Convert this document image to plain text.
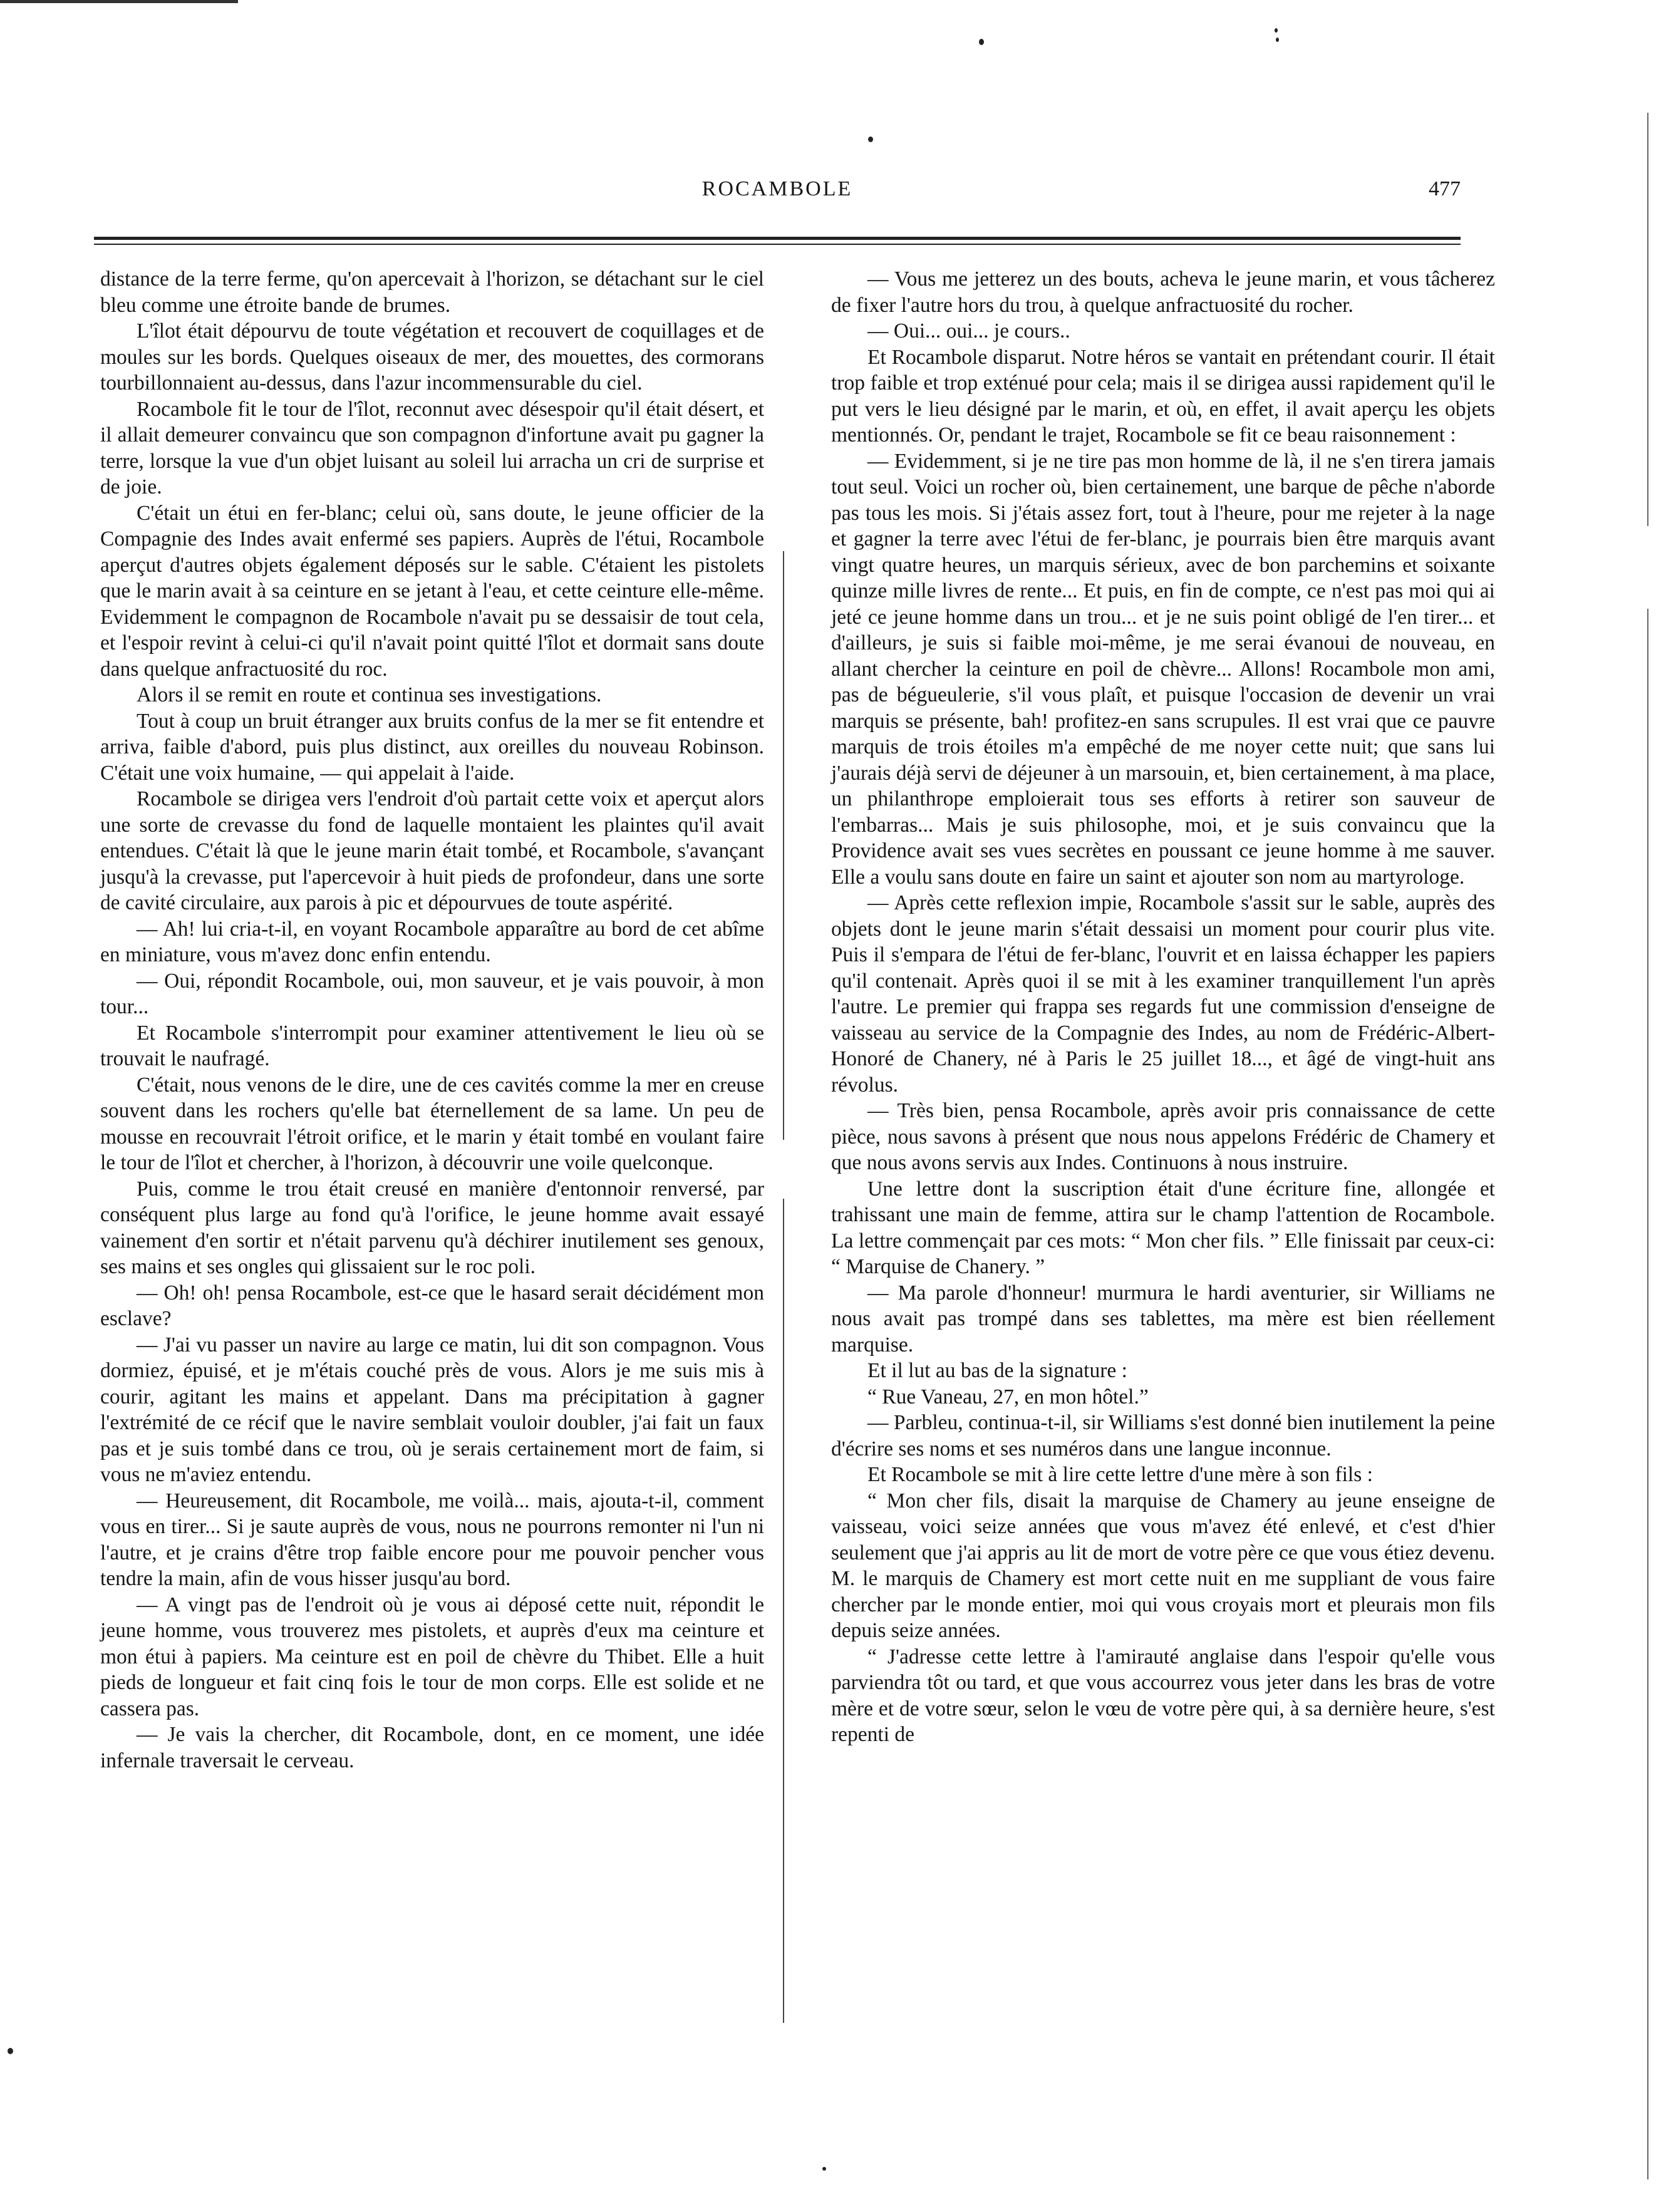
ROCAMBOLE	477

distance de la terre ferme, qu'on apercevait à l'horizon, se détachant sur le ciel bleu comme une étroite bande de brumes.

L'îlot était dépourvu de toute végétation et recouvert de coquillages et de moules sur les bords. Quelques oiseaux de mer, des mouettes, des cormorans tourbillonnaient au-dessus, dans l'azur incommensurable du ciel.

Rocambole fit le tour de l'îlot, reconnut avec désespoir qu'il était désert, et il allait demeurer convaincu que son compagnon d'infortune avait pu gagner la terre, lorsque la vue d'un objet luisant au soleil lui arracha un cri de surprise et de joie.

C'était un étui en fer-blanc; celui où, sans doute, le jeune officier de la Compagnie des Indes avait enfermé ses papiers. Auprès de l'étui, Rocambole aperçut d'autres objets également déposés sur le sable. C'étaient les pistolets que le marin avait à sa ceinture en se jetant à l'eau, et cette ceinture elle-même. Evidemment le compagnon de Rocambole n'avait pu se dessaisir de tout cela, et l'espoir revint à celui-ci qu'il n'avait point quitté l'îlot et dormait sans doute dans quelque anfractuosité du roc.

Alors il se remit en route et continua ses investigations.

Tout à coup un bruit étranger aux bruits confus de la mer se fit entendre et arriva, faible d'abord, puis plus distinct, aux oreilles du nouveau Robinson. C'était une voix humaine, — qui appelait à l'aide.

Rocambole se dirigea vers l'endroit d'où partait cette voix et aperçut alors une sorte de crevasse du fond de laquelle montaient les plaintes qu'il avait entendues. C'était là que le jeune marin était tombé, et Rocambole, s'avançant jusqu'à la crevasse, put l'apercevoir à huit pieds de profondeur, dans une sorte de cavité circulaire, aux parois à pic et dépourvues de toute aspérité.

— Ah! lui cria-t-il, en voyant Rocambole apparaître au bord de cet abîme en miniature, vous m'avez donc enfin entendu.

— Oui, répondit Rocambole, oui, mon sauveur, et je vais pouvoir, à mon tour...

Et Rocambole s'interrompit pour examiner attentivement le lieu où se trouvait le naufragé.

C'était, nous venons de le dire, une de ces cavités comme la mer en creuse souvent dans les rochers qu'elle bat éternellement de sa lame. Un peu de mousse en recouvrait l'étroit orifice, et le marin y était tombé en voulant faire le tour de l'îlot et chercher, à l'horizon, à découvrir une voile quelconque.

Puis, comme le trou était creusé en manière d'entonnoir renversé, par conséquent plus large au fond qu'à l'orifice, le jeune homme avait essayé vainement d'en sortir et n'était parvenu qu'à déchirer inutilement ses genoux, ses mains et ses ongles qui glissaient sur le roc poli.

— Oh! oh! pensa Rocambole, est-ce que le hasard serait décidément mon esclave?

— J'ai vu passer un navire au large ce matin, lui dit son compagnon. Vous dormiez, épuisé, et je m'étais couché près de vous. Alors je me suis mis à courir, agitant les mains et appelant. Dans ma précipitation à gagner l'extrémité de ce récif que le navire semblait vouloir doubler, j'ai fait un faux pas et je suis tombé dans ce trou, où je serais certainement mort de faim, si vous ne m'aviez entendu.

— Heureusement, dit Rocambole, me voilà... mais, ajouta-t-il, comment vous en tirer... Si je saute auprès de vous, nous ne pourrons remonter ni l'un ni l'autre, et je crains d'être trop faible encore pour me pouvoir pencher vous tendre la main, afin de vous hisser jusqu'au bord.

— A vingt pas de l'endroit où je vous ai déposé cette nuit, répondit le jeune homme, vous trouverez mes pistolets, et auprès d'eux ma ceinture et mon étui à papiers. Ma ceinture est en poil de chèvre du Thibet. Elle a huit pieds de longueur et fait cinq fois le tour de mon corps. Elle est solide et ne cassera pas.

— Je vais la chercher, dit Rocambole, dont, en ce moment, une idée infernale traversait le cerveau.

— Vous me jetterez un des bouts, acheva le jeune marin, et vous tâcherez de fixer l'autre hors du trou, à quelque anfractuosité du rocher.

— Oui... oui... je cours..

Et Rocambole disparut. Notre héros se vantait en prétendant courir. Il était trop faible et trop exténué pour cela; mais il se dirigea aussi rapidement qu'il le put vers le lieu désigné par le marin, et où, en effet, il avait aperçu les objets mentionnés. Or, pendant le trajet, Rocambole se fit ce beau raisonnement :

— Evidemment, si je ne tire pas mon homme de là, il ne s'en tirera jamais tout seul. Voici un rocher où, bien certainement, une barque de pêche n'aborde pas tous les mois. Si j'étais assez fort, tout à l'heure, pour me rejeter à la nage et gagner la terre avec l'étui de fer-blanc, je pourrais bien être marquis avant vingt quatre heures, un marquis sérieux, avec de bon parchemins et soixante quinze mille livres de rente... Et puis, en fin de compte, ce n'est pas moi qui ai jeté ce jeune homme dans un trou... et je ne suis point obligé de l'en tirer... et d'ailleurs, je suis si faible moi-même, je me serai évanoui de nouveau, en allant chercher la ceinture en poil de chèvre... Allons! Rocambole mon ami, pas de bégueulerie, s'il vous plaît, et puisque l'occasion de devenir un vrai marquis se présente, bah! profitez-en sans scrupules. Il est vrai que ce pauvre marquis de trois étoiles m'a empêché de me noyer cette nuit; que sans lui j'aurais déjà servi de déjeuner à un marsouin, et, bien certainement, à ma place, un philanthrope emploierait tous ses efforts à retirer son sauveur de l'embarras... Mais je suis philosophe, moi, et je suis convaincu que la Providence avait ses vues secrètes en poussant ce jeune homme à me sauver. Elle a voulu sans doute en faire un saint et ajouter son nom au martyrologe.

— Après cette reflexion impie, Rocambole s'assit sur le sable, auprès des objets dont le jeune marin s'était dessaisi un moment pour courir plus vite. Puis il s'empara de l'étui de fer-blanc, l'ouvrit et en laissa échapper les papiers qu'il contenait. Après quoi il se mit à les examiner tranquillement l'un après l'autre. Le premier qui frappa ses regards fut une commission d'enseigne de vaisseau au service de la Compagnie des Indes, au nom de Frédéric-Albert-Honoré de Chanery, né à Paris le 25 juillet 18..., et âgé de vingt-huit ans révolus.

— Très bien, pensa Rocambole, après avoir pris connaissance de cette pièce, nous savons à présent que nous nous appelons Frédéric de Chamery et que nous avons servis aux Indes. Continuons à nous instruire.

Une lettre dont la suscription était d'une écriture fine, allongée et trahissant une main de femme, attira sur le champ l'attention de Rocambole. La lettre commençait par ces mots: “ Mon cher fils. ” Elle finissait par ceux-ci: “ Marquise de Chanery. ”

— Ma parole d'honneur! murmura le hardi aventurier, sir Williams ne nous avait pas trompé dans ses tablettes, ma mère est bien réellement marquise.

Et il lut au bas de la signature :

“ Rue Vaneau, 27, en mon hôtel.”

— Parbleu, continua-t-il, sir Williams s'est donné bien inutilement la peine d'écrire ses noms et ses numéros dans une langue inconnue.

Et Rocambole se mit à lire cette lettre d'une mère à son fils :

“ Mon cher fils, disait la marquise de Chamery au jeune enseigne de vaisseau, voici seize années que vous m'avez été enlevé, et c'est d'hier seulement que j'ai appris au lit de mort de votre père ce que vous étiez devenu. M. le marquis de Chamery est mort cette nuit en me suppliant de vous faire chercher par le monde entier, moi qui vous croyais mort et pleurais mon fils depuis seize années.

“ J'adresse cette lettre à l'amirauté anglaise dans l'espoir qu'elle vous parviendra tôt ou tard, et que vous accourrez vous jeter dans les bras de votre mère et de votre sœur, selon le vœu de votre père qui, à sa dernière heure, s'est repenti de
